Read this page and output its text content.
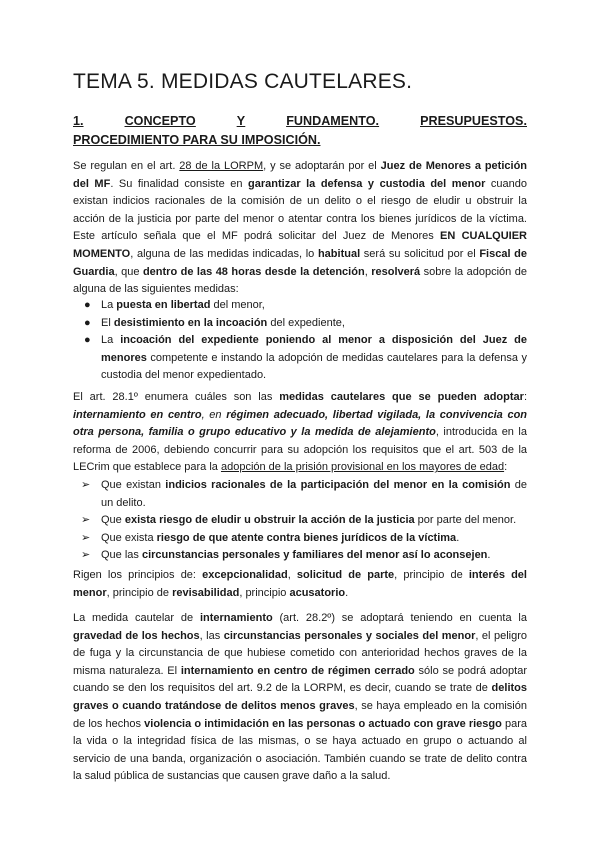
TEMA 5. MEDIDAS CAUTELARES.
1.	CONCEPTO	Y	FUNDAMENTO.	PRESUPUESTOS.
PROCEDIMIENTO PARA SU IMPOSICIÓN.

Se regulan en el art. 28 de la LORPM, y se adoptarán por el Juez de Menores a petición del MF. Su finalidad consiste en garantizar la defensa y custodia del menor cuando existan indicios racionales de la comisión de un delito o el riesgo de eludir u obstruir la acción de la justicia por parte del menor o atentar contra los bienes jurídicos de la víctima. Este artículo señala que el MF podrá solicitar del Juez de Menores EN CUALQUIER MOMENTO, alguna de las medidas indicadas, lo habitual será su solicitud por el Fiscal de Guardia, que dentro de las 48 horas desde la detención, resolverá sobre la adopción de alguna de las siguientes medidas:

● La puesta en libertad del menor,
● El desistimiento en la incoación del expediente,
● La incoación del expediente poniendo al menor a disposición del Juez de menores competente e instando la adopción de medidas cautelares para la defensa y custodia del menor expedientado.

El art. 28.1º enumera cuáles son las medidas cautelares que se pueden adoptar: internamiento en centro, en régimen adecuado, libertad vigilada, la convivencia con otra persona, familia o grupo educativo y la medida de alejamiento, introducida en la reforma de 2006, debiendo concurrir para su adopción los requisitos que el art. 503 de la LECrim que establece para la adopción de la prisión provisional en los mayores de edad:

➢ Que existan indicios racionales de la participación del menor en la comisión de un delito.
➢ Que exista riesgo de eludir u obstruir la acción de la justicia por parte del menor.
➢ Que exista riesgo de que atente contra bienes jurídicos de la víctima.
➢ Que las circunstancias personales y familiares del menor así lo aconsejen.

Rigen los principios de: excepcionalidad, solicitud de parte, principio de interés del menor, principio de revisabilidad, principio acusatorio.

La medida cautelar de internamiento (art. 28.2º) se adoptará teniendo en cuenta la gravedad de los hechos, las circunstancias personales y sociales del menor, el peligro de fuga y la circunstancia de que hubiese cometido con anterioridad hechos graves de la misma naturaleza. El internamiento en centro de régimen cerrado sólo se podrá adoptar cuando se den los requisitos del art. 9.2 de la LORPM, es decir, cuando se trate de delitos graves o cuando tratándose de delitos menos graves, se haya empleado en la comisión de los hechos violencia o intimidación en las personas o actuado con grave riesgo para la vida o la integridad física de las mismas, o se haya actuado en grupo o actuando al servicio de una banda, organización o asociación. También cuando se trate de delito contra la salud pública de sustancias que causen grave daño a la salud.
